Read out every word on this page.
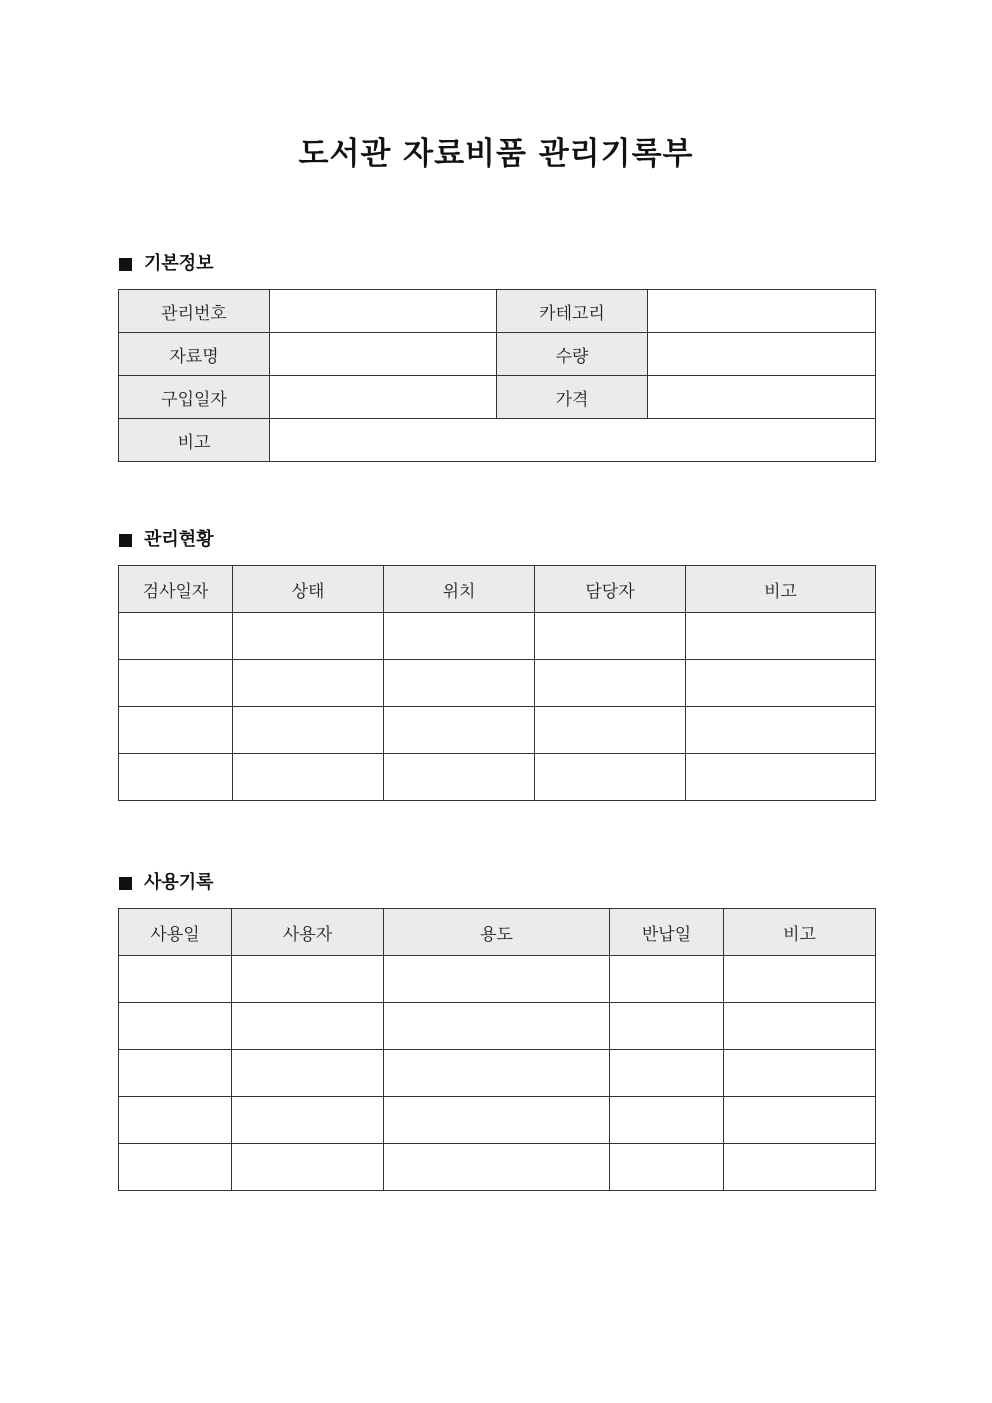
도서관 자료비품 관리기록부
기본정보
관리번호		카테고리	
자료명		수량	
구입일자		가격	
비고			
관리현황
검사일자	상태	위치	담당자	비고

사용기록
사용일	사용자	용도	반납일	비고
